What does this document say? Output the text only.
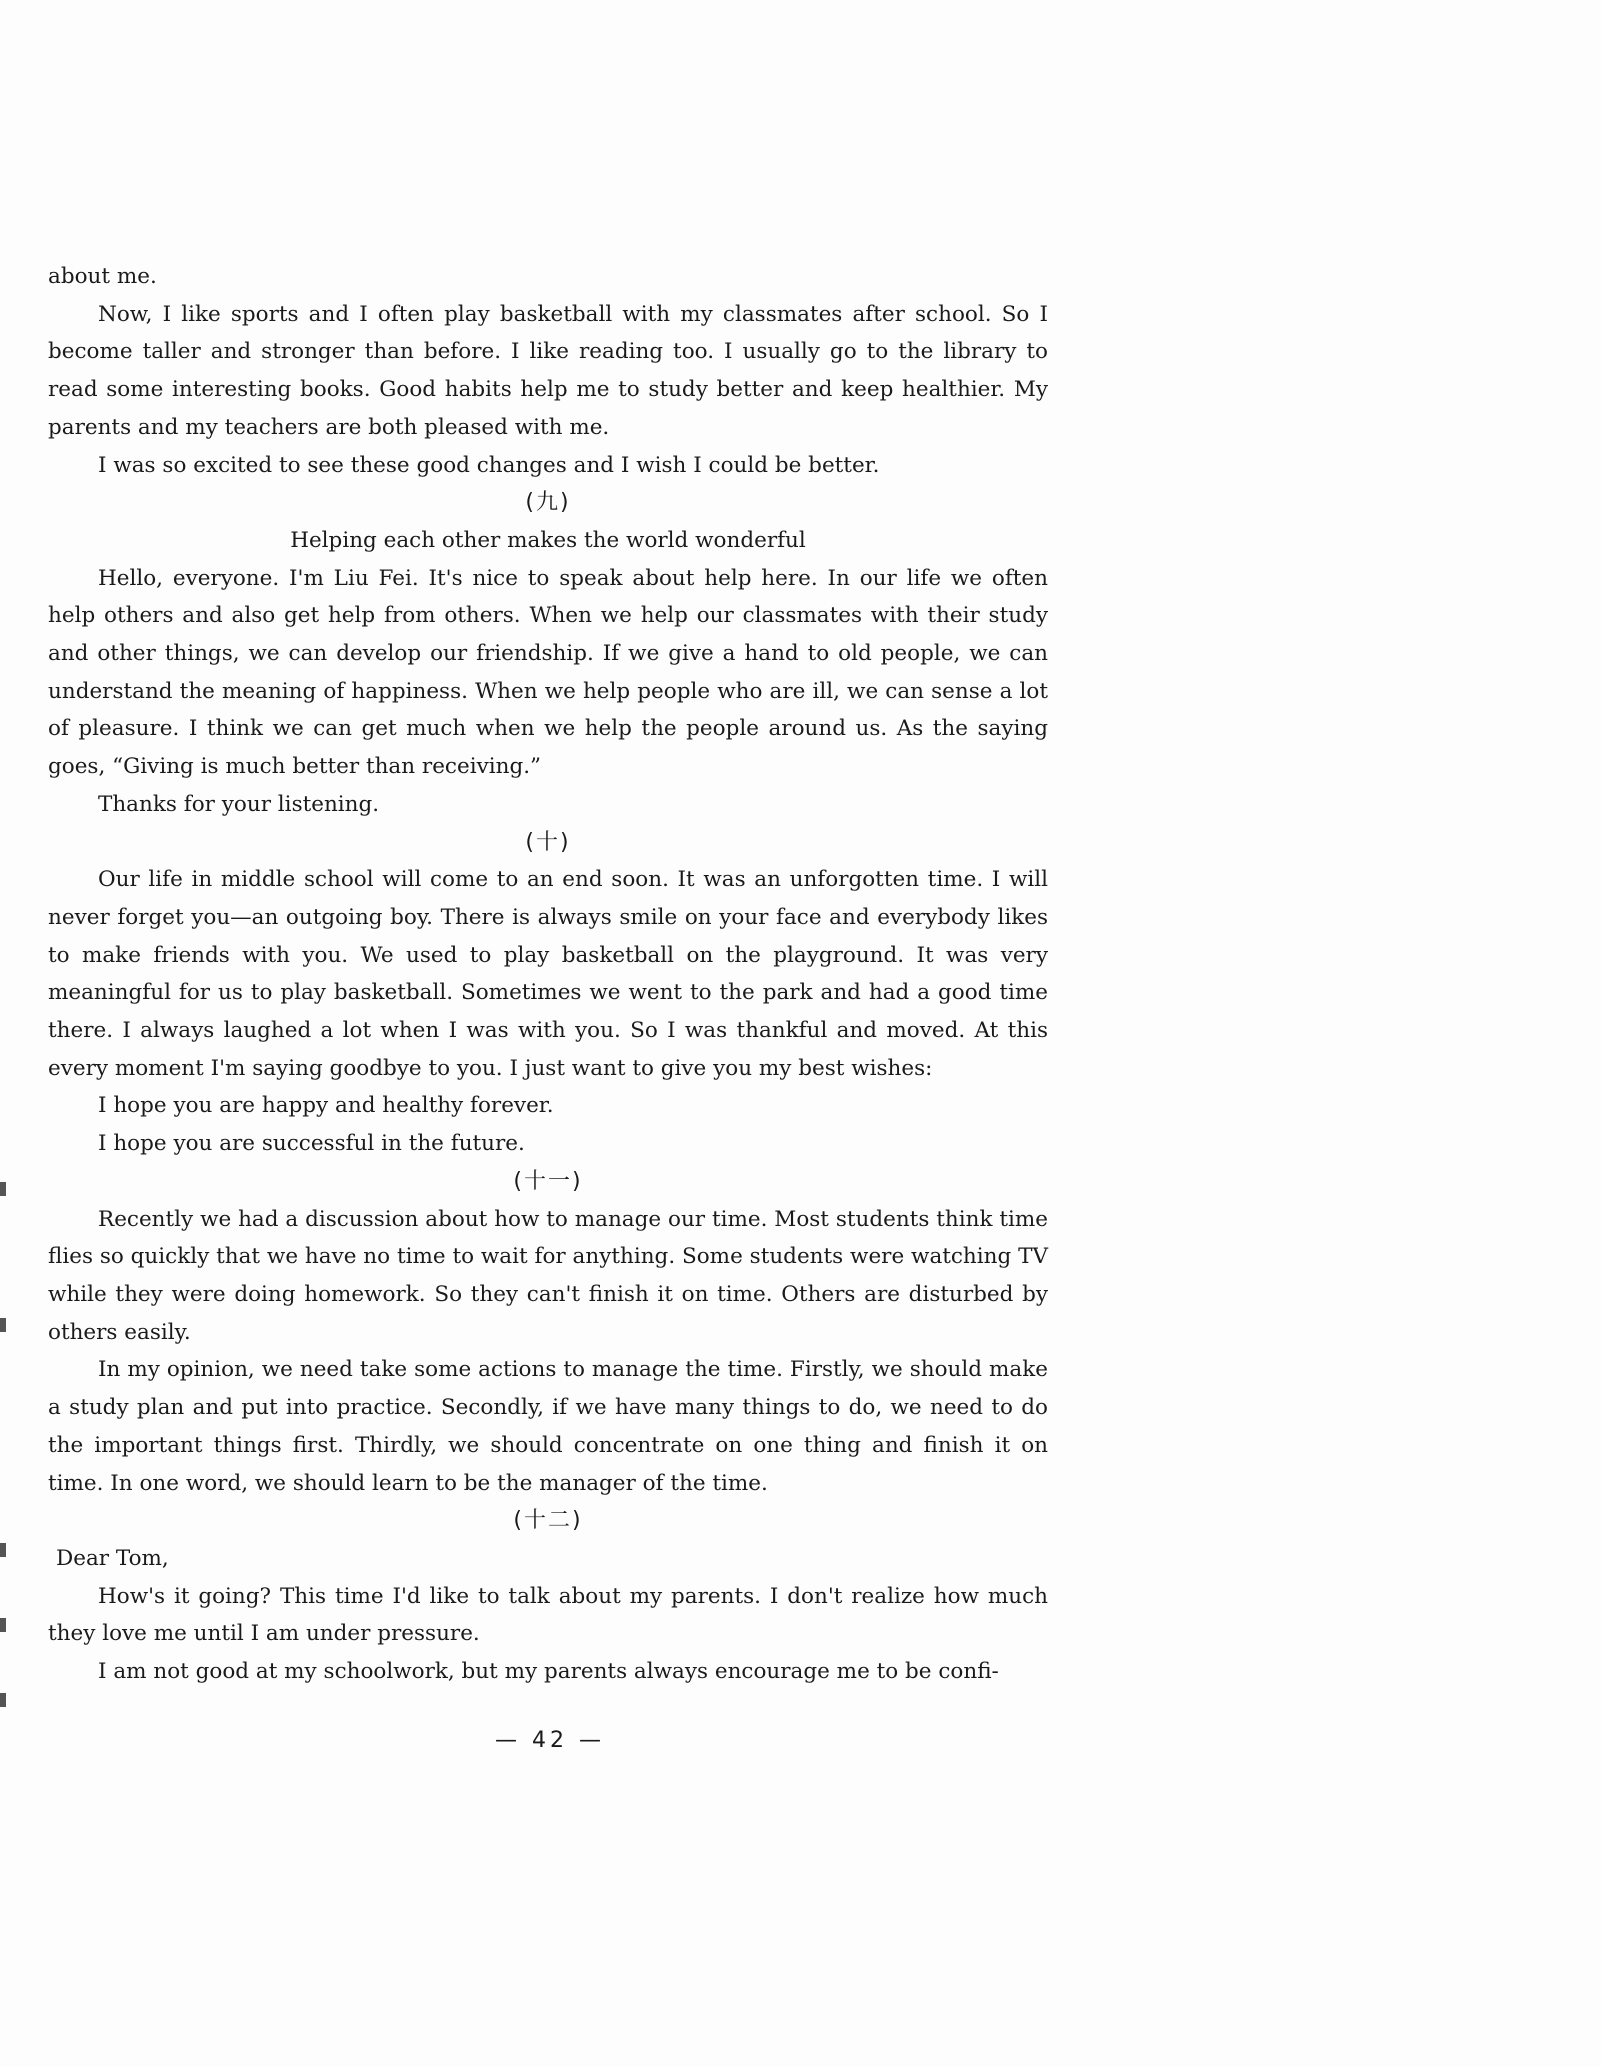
about me.

Now, I like sports and I often play basketball with my classmates after school. So I become taller and stronger than before. I like reading too. I usually go to the library to read some interesting books. Good habits help me to study better and keep healthier. My parents and my teachers are both pleased with me.

I was so excited to see these good changes and I wish I could be better.

(九)

Helping each other makes the world wonderful

Hello, everyone. I'm Liu Fei. It's nice to speak about help here. In our life we often help others and also get help from others. When we help our classmates with their study and other things, we can develop our friendship. If we give a hand to old people, we can understand the meaning of happiness. When we help people who are ill, we can sense a lot of pleasure. I think we can get much when we help the people around us. As the saying goes, “Giving is much better than receiving.”

Thanks for your listening.

(十)

Our life in middle school will come to an end soon. It was an unforgotten time. I will never forget you—an outgoing boy. There is always smile on your face and everybody likes to make friends with you. We used to play basketball on the playground. It was very meaningful for us to play basketball. Sometimes we went to the park and had a good time there. I always laughed a lot when I was with you. So I was thankful and moved. At this every moment I'm saying goodbye to you. I just want to give you my best wishes:

I hope you are happy and healthy forever.

I hope you are successful in the future.

(十一)

Recently we had a discussion about how to manage our time. Most students think time flies so quickly that we have no time to wait for anything. Some students were watching TV while they were doing homework. So they can't finish it on time. Others are disturbed by others easily.

In my opinion, we need take some actions to manage the time. Firstly, we should make a study plan and put into practice. Secondly, if we have many things to do, we need to do the important things first. Thirdly, we should concentrate on one thing and finish it on time. In one word, we should learn to be the manager of the time.

(十二)

Dear Tom,

How's it going? This time I'd like to talk about my parents. I don't realize how much they love me until I am under pressure.

I am not good at my schoolwork, but my parents always encourage me to be confi-

— 42 —
